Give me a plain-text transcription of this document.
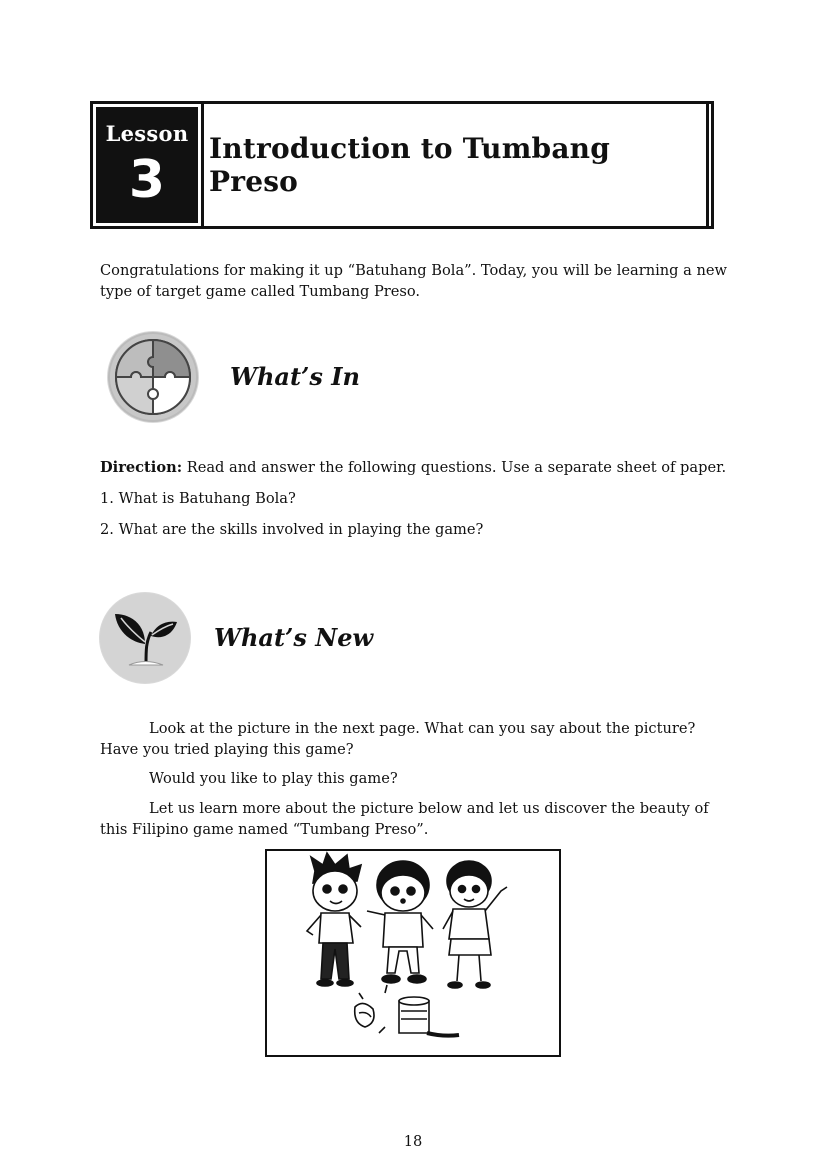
Lesson
3
Introduction to Tumbang Preso

Congratulations for making it up “Batuhang Bola”. Today, you will be learning a new type of target game called Tumbang Preso.

What’s In

Direction: Read and answer the following questions. Use a separate sheet of paper.

1. What is Batuhang Bola?

2. What are the skills involved in playing the game?

What’s New

Look at the picture in the next page. What can you say about the picture? Have you tried playing this game?

Would you like to play this game?

Let us learn more about the picture below and let us discover the beauty of this Filipino game named “Tumbang Preso”.

18
